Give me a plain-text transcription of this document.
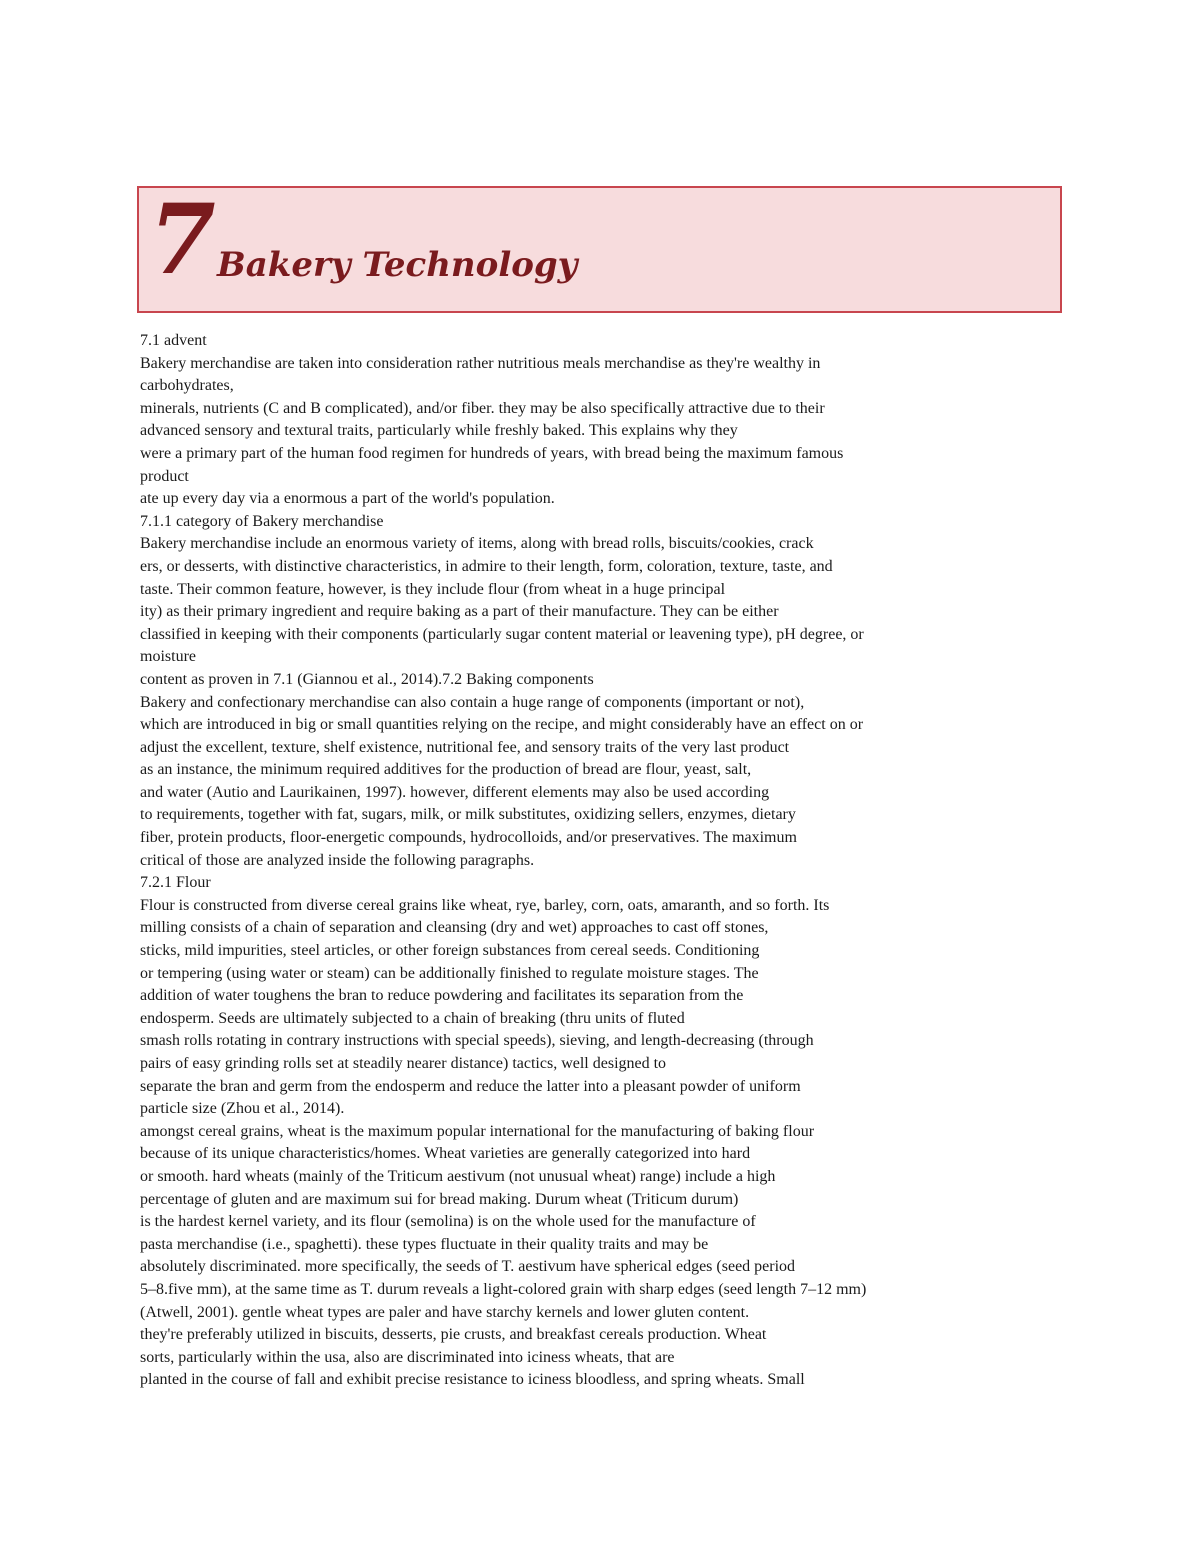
7 Bakery Technology
7.1 advent
Bakery merchandise are taken into consideration rather nutritious meals merchandise as they're wealthy in
carbohydrates,
minerals, nutrients (C and B complicated), and/or fiber. they may be also specifically attractive due to their
advanced sensory and textural traits, particularly while freshly baked. This explains why they
were a primary part of the human food regimen for hundreds of years, with bread being the maximum famous
product
ate up every day via a enormous a part of the world's population.
7.1.1 category of Bakery merchandise
Bakery merchandise include an enormous variety of items, along with bread rolls, biscuits/cookies, crack
ers, or desserts, with distinctive characteristics, in admire to their length, form, coloration, texture, taste, and
taste. Their common feature, however, is they include flour (from wheat in a huge principal
ity) as their primary ingredient and require baking as a part of their manufacture. They can be either
classified in keeping with their components (particularly sugar content material or leavening type), pH degree, or
moisture
content as proven in 7.1 (Giannou et al., 2014).7.2 Baking components
Bakery and confectionary merchandise can also contain a huge range of components (important or not),
which are introduced in big or small quantities relying on the recipe, and might considerably have an effect on or
adjust the excellent, texture, shelf existence, nutritional fee, and sensory traits of the very last product
as an instance, the minimum required additives for the production of bread are flour, yeast, salt,
and water (Autio and Laurikainen, 1997). however, different elements may also be used according
to requirements, together with fat, sugars, milk, or milk substitutes, oxidizing sellers, enzymes, dietary
fiber, protein products, floor-energetic compounds, hydrocolloids, and/or preservatives. The maximum
critical of those are analyzed inside the following paragraphs.
7.2.1 Flour
Flour is constructed from diverse cereal grains like wheat, rye, barley, corn, oats, amaranth, and so forth. Its
milling consists of a chain of separation and cleansing (dry and wet) approaches to cast off stones,
sticks, mild impurities, steel articles, or other foreign substances from cereal seeds. Conditioning
or tempering (using water or steam) can be additionally finished to regulate moisture stages. The
addition of water toughens the bran to reduce powdering and facilitates its separation from the
endosperm. Seeds are ultimately subjected to a chain of breaking (thru units of fluted
smash rolls rotating in contrary instructions with special speeds), sieving, and length-decreasing (through
pairs of easy grinding rolls set at steadily nearer distance) tactics, well designed to
separate the bran and germ from the endosperm and reduce the latter into a pleasant powder of uniform
particle size (Zhou et al., 2014).
amongst cereal grains, wheat is the maximum popular international for the manufacturing of baking flour
because of its unique characteristics/homes. Wheat varieties are generally categorized into hard
or smooth. hard wheats (mainly of the Triticum aestivum (not unusual wheat) range) include a high
percentage of gluten and are maximum sui for bread making. Durum wheat (Triticum durum)
is the hardest kernel variety, and its flour (semolina) is on the whole used for the manufacture of
pasta merchandise (i.e., spaghetti). these types fluctuate in their quality traits and may be
absolutely discriminated. more specifically, the seeds of T. aestivum have spherical edges (seed period
5–8.five mm), at the same time as T. durum reveals a light-colored grain with sharp edges (seed length 7–12 mm)
(Atwell, 2001). gentle wheat types are paler and have starchy kernels and lower gluten content.
they're preferably utilized in biscuits, desserts, pie crusts, and breakfast cereals production. Wheat
sorts, particularly within the usa, also are discriminated into iciness wheats, that are
planted in the course of fall and exhibit precise resistance to iciness bloodless, and spring wheats. Small
